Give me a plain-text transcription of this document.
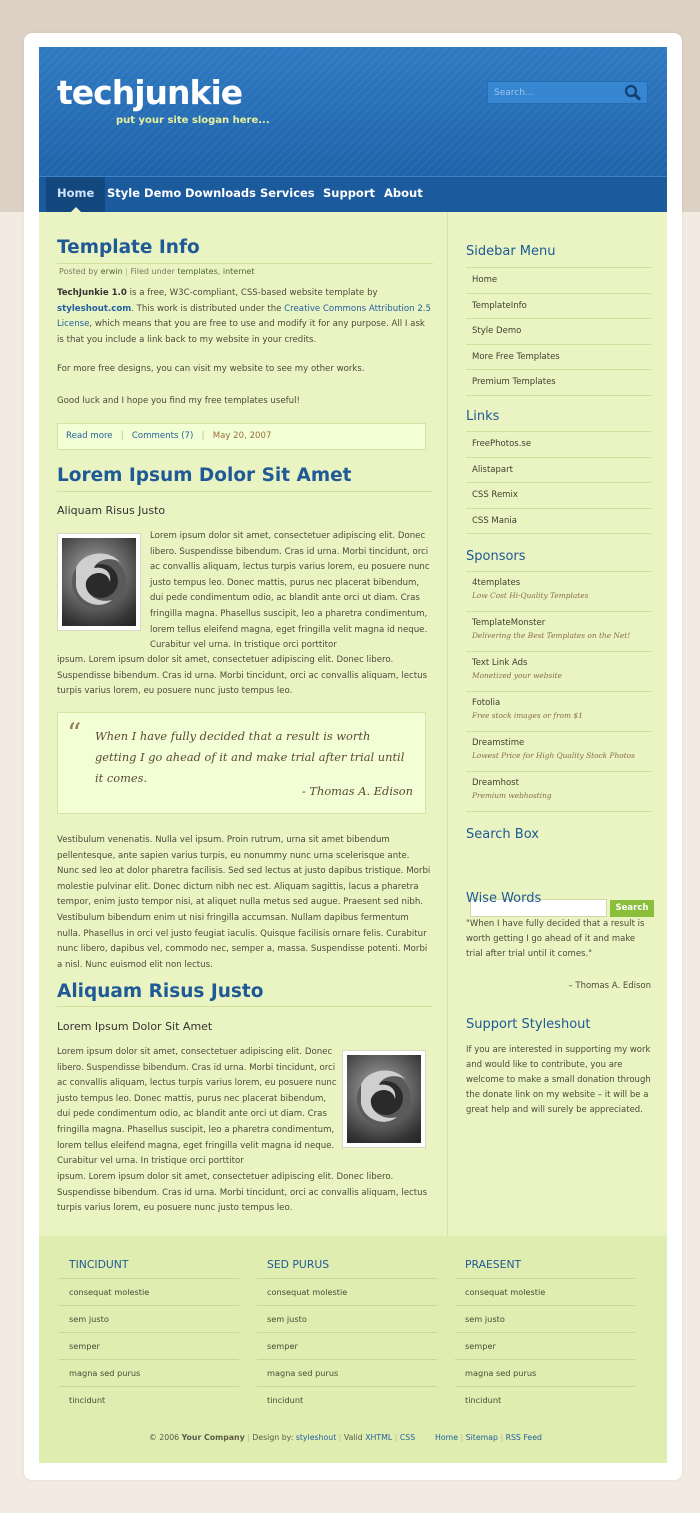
techjunkie
put your site slogan here...
Search...
Home	Style Demo Downloads Services Support About
Template Info
Posted by erwin | Filed under templates, internet
TechJunkie 1.0 is a free, W3C-compliant, CSS-based website template by styleshout.com. This work is distributed under the Creative Commons Attribution 2.5 License, which means that you are free to use and modify it for any purpose. All I ask is that you include a link back to my website in your credits.
For more free designs, you can visit my website to see my other works.
Good luck and I hope you find my free templates useful!
Read more   |   Comments (7)   |   May 20, 2007
Lorem Ipsum Dolor Sit Amet
Aliquam Risus Justo
Lorem ipsum dolor sit amet, consectetuer adipiscing elit. Donec libero. Suspendisse bibendum. Cras id urna. Morbi tincidunt, orci ac convallis aliquam, lectus turpis varius lorem, eu posuere nunc justo tempus leo. Donec mattis, purus nec placerat bibendum, dui pede condimentum odio, ac blandit ante orci ut diam. Cras fringilla magna. Phasellus suscipit, leo a pharetra condimentum, lorem tellus eleifend magna, eget fringilla velit magna id neque. Curabitur vel urna. In tristique orci porttitor
ipsum. Lorem ipsum dolor sit amet, consectetuer adipiscing elit. Donec libero. Suspendisse bibendum. Cras id urna. Morbi tincidunt, orci ac convallis aliquam, lectus turpis varius lorem, eu posuere nunc justo tempus leo.
“ When I have fully decided that a result is worth getting I go ahead of it and make trial after trial until it comes.
- Thomas A. Edison
Vestibulum venenatis. Nulla vel ipsum. Proin rutrum, urna sit amet bibendum pellentesque, ante sapien varius turpis, eu nonummy nunc urna scelerisque ante. Nunc sed leo at dolor pharetra facilisis. Sed sed lectus at justo dapibus tristique. Morbi molestie pulvinar elit. Donec dictum nibh nec est. Aliquam sagittis, lacus a pharetra tempor, enim justo tempor nisi, at aliquet nulla metus sed augue. Praesent sed nibh. Vestibulum bibendum enim ut nisi fringilla accumsan. Nullam dapibus fermentum nulla. Phasellus in orci vel justo feugiat iaculis. Quisque facilisis ornare felis. Curabitur nunc libero, dapibus vel, commodo nec, semper a, massa. Suspendisse potenti. Morbi a nisl. Nunc euismod elit non lectus.
Aliquam Risus Justo
Lorem Ipsum Dolor Sit Amet
Lorem ipsum dolor sit amet, consectetuer adipiscing elit. Donec libero. Suspendisse bibendum. Cras id urna. Morbi tincidunt, orci ac convallis aliquam, lectus turpis varius lorem, eu posuere nunc justo tempus leo. Donec mattis, purus nec placerat bibendum, dui pede condimentum odio, ac blandit ante orci ut diam. Cras fringilla magna. Phasellus suscipit, leo a pharetra condimentum, lorem tellus eleifend magna, eget fringilla velit magna id neque. Curabitur vel urna. In tristique orci porttitor
ipsum. Lorem ipsum dolor sit amet, consectetuer adipiscing elit. Donec libero. Suspendisse bibendum. Cras id urna. Morbi tincidunt, orci ac convallis aliquam, lectus turpis varius lorem, eu posuere nunc justo tempus leo.
Sidebar Menu
Home
TemplateInfo
Style Demo
More Free Templates
Premium Templates
Links
FreePhotos.se
Alistapart
CSS Remix
CSS Mania
Sponsors
4templates
Low Cost Hi-Quality Templates
TemplateMonster
Delivering the Best Templates on the Net!
Text Link Ads
Monetized your website
Fotolia
Free stock images or from $1
Dreamstime
Lowest Price for High Quality Stock Photos
Dreamhost
Premium webhosting
Search Box
Search
Wise Words
"When I have fully decided that a result is worth getting I go ahead of it and make trial after trial until it comes."
– Thomas A. Edison
Support Styleshout
If you are interested in supporting my work and would like to contribute, you are welcome to make a small donation through the donate link on my website – it will be a great help and will surely be appreciated.
TINCIDUNT
consequat molestie
sem justo
semper
magna sed purus
tincidunt
SED PURUS
consequat molestie
sem justo
semper
magna sed purus
tincidunt
PRAESENT
consequat molestie
sem justo
semper
magna sed purus
tincidunt
© 2006 Your Company | Design by: styleshout | Valid XHTML | CSS	Home | Sitemap | RSS Feed
